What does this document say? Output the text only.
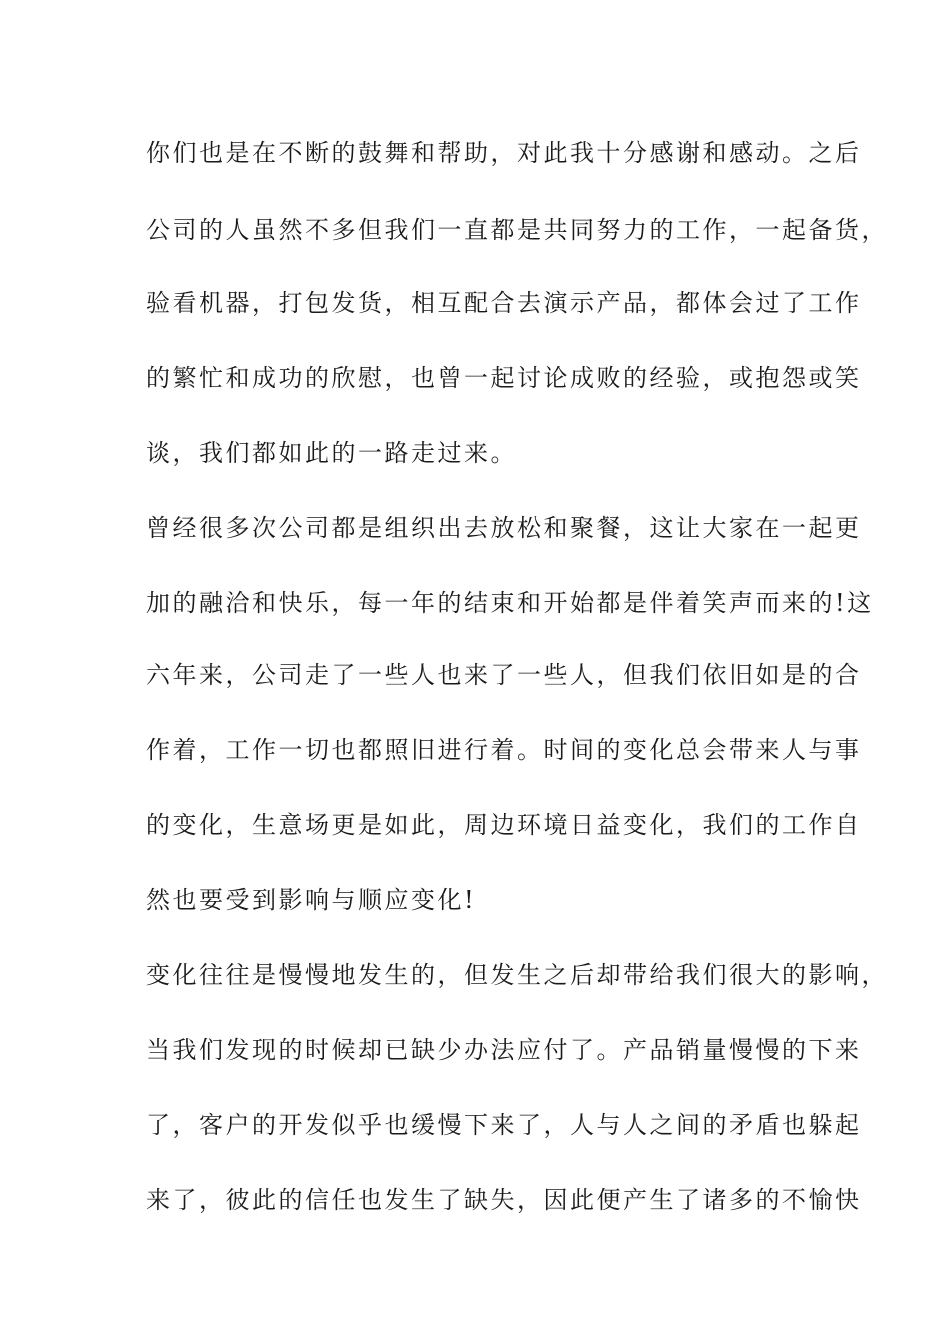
你们也是在不断的鼓舞和帮助，对此我十分感谢和感动。之后
公司的人虽然不多但我们一直都是共同努力的工作，一起备货，
验看机器，打包发货，相互配合去演示产品，都体会过了工作
的繁忙和成功的欣慰，也曾一起讨论成败的经验，或抱怨或笑
谈，我们都如此的一路走过来。
曾经很多次公司都是组织出去放松和聚餐，这让大家在一起更
加的融洽和快乐，每一年的结束和开始都是伴着笑声而来的!这
六年来，公司走了一些人也来了一些人，但我们依旧如是的合
作着，工作一切也都照旧进行着。时间的变化总会带来人与事
的变化，生意场更是如此，周边环境日益变化，我们的工作自
然也要受到影响与顺应变化!
变化往往是慢慢地发生的，但发生之后却带给我们很大的影响，
当我们发现的时候却已缺少办法应付了。产品销量慢慢的下来
了，客户的开发似乎也缓慢下来了，人与人之间的矛盾也躲起
来了，彼此的信任也发生了缺失，因此便产生了诸多的不愉快
